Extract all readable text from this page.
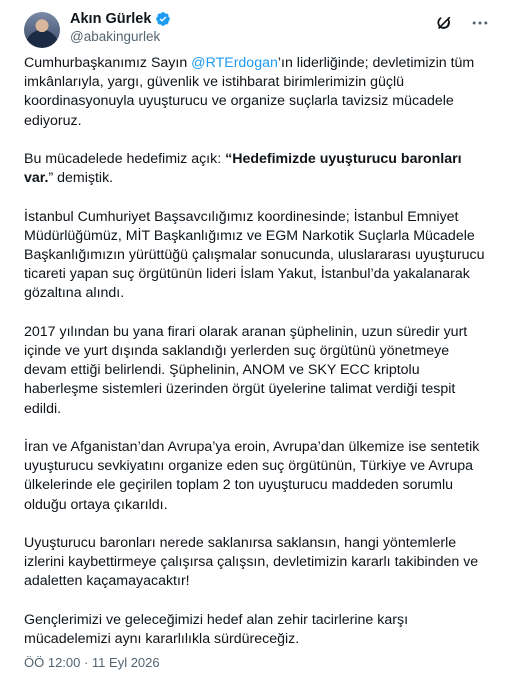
Akın Gürlek
@abakingurlek

Cumhurbaşkanımız Sayın @RTErdogan’ın liderliğinde; devletimizin tüm imkânlarıyla, yargı, güvenlik ve istihbarat birimlerimizin güçlü koordinasyonuyla uyuşturucu ve organize suçlarla tavizsiz mücadele ediyoruz.

Bu mücadelede hedefimiz açık: “Hedefimizde uyuşturucu baronları var.” demiştik.

İstanbul Cumhuriyet Başsavcılığımız koordinesinde; İstanbul Emniyet Müdürlüğümüz, MİT Başkanlığımız ve EGM Narkotik Suçlarla Mücadele Başkanlığımızın yürüttüğü çalışmalar sonucunda, uluslararası uyuşturucu ticareti yapan suç örgütünün lideri İslam Yakut, İstanbul’da yakalanarak gözaltına alındı.

2017 yılından bu yana firari olarak aranan şüphelinin, uzun süredir yurt içinde ve yurt dışında saklandığı yerlerden suç örgütünü yönetmeye devam ettiği belirlendi. Şüphelinin, ANOM ve SKY ECC kriptolu haberleşme sistemleri üzerinden örgüt üyelerine talimat verdiği tespit edildi.

İran ve Afganistan’dan Avrupa’ya eroin, Avrupa’dan ülkemize ise sentetik uyuşturucu sevkiyatını organize eden suç örgütünün, Türkiye ve Avrupa ülkelerinde ele geçirilen toplam 2 ton uyuşturucu maddeden sorumlu olduğu ortaya çıkarıldı.

Uyuşturucu baronları nerede saklanırsa saklansın, hangi yöntemlerle izlerini kaybettirmeye çalışırsa çalışsın, devletimizin kararlı takibinden ve adaletten kaçamayacaktır!

Gençlerimizi ve geleceğimizi hedef alan zehir tacirlerine karşı mücadelemizi aynı kararlılıkla sürdüreceğiz.

ÖÖ 12:00 · 11 Eyl 2026
